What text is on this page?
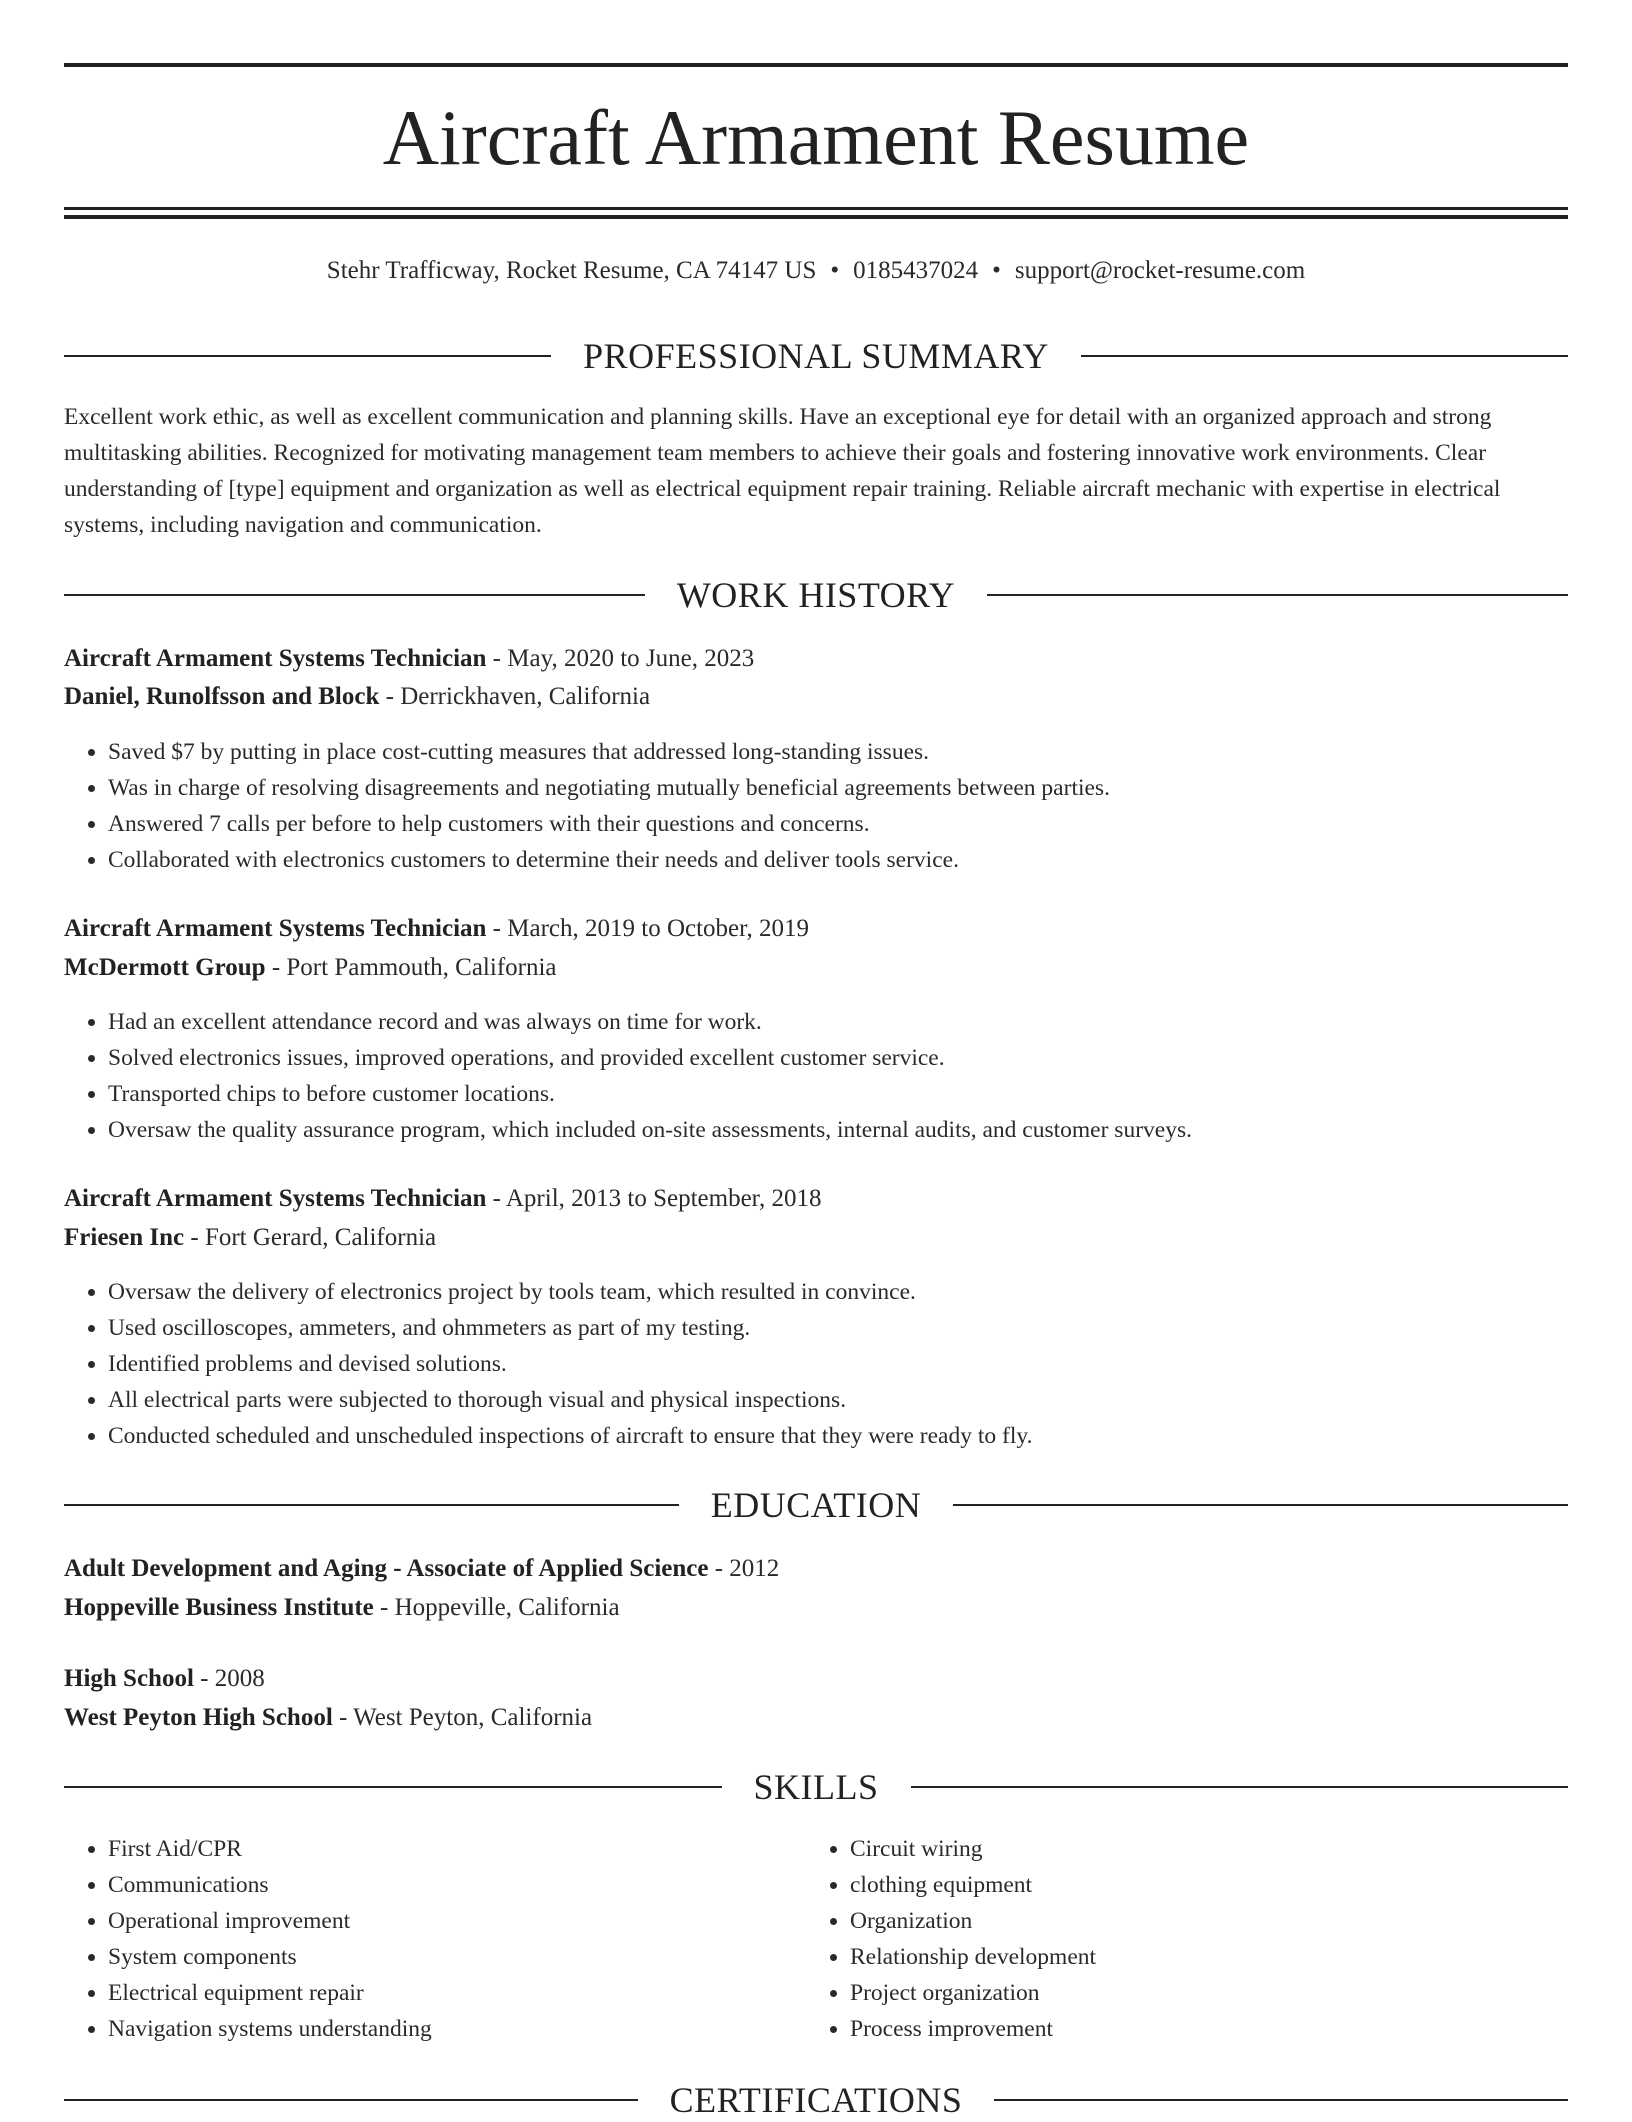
Aircraft Armament Resume
Stehr Trafficway, Rocket Resume, CA 74147 US • 0185437024 • support@rocket-resume.com
PROFESSIONAL SUMMARY

Excellent work ethic, as well as excellent communication and planning skills. Have an exceptional eye for detail with an organized approach and strong multitasking abilities. Recognized for motivating management team members to achieve their goals and fostering innovative work environments. Clear understanding of [type] equipment and organization as well as electrical equipment repair training. Reliable aircraft mechanic with expertise in electrical systems, including navigation and communication.

WORK HISTORY
Aircraft Armament Systems Technician - May, 2020 to June, 2023
Daniel, Runolfsson and Block - Derrickhaven, California
• Saved $7 by putting in place cost-cutting measures that addressed long-standing issues.
• Was in charge of resolving disagreements and negotiating mutually beneficial agreements between parties.
• Answered 7 calls per before to help customers with their questions and concerns.
• Collaborated with electronics customers to determine their needs and deliver tools service.
Aircraft Armament Systems Technician - March, 2019 to October, 2019
McDermott Group - Port Pammouth, California
• Had an excellent attendance record and was always on time for work.
• Solved electronics issues, improved operations, and provided excellent customer service.
• Transported chips to before customer locations.
• Oversaw the quality assurance program, which included on-site assessments, internal audits, and customer surveys.
Aircraft Armament Systems Technician - April, 2013 to September, 2018
Friesen Inc - Fort Gerard, California
• Oversaw the delivery of electronics project by tools team, which resulted in convince.
• Used oscilloscopes, ammeters, and ohmmeters as part of my testing.
• Identified problems and devised solutions.
• All electrical parts were subjected to thorough visual and physical inspections.
• Conducted scheduled and unscheduled inspections of aircraft to ensure that they were ready to fly.
EDUCATION
Adult Development and Aging - Associate of Applied Science - 2012
Hoppeville Business Institute - Hoppeville, California
High School - 2008
West Peyton High School - West Peyton, California
SKILLS
• First Aid/CPR
• Communications
• Operational improvement
• System components
• Electrical equipment repair
• Navigation systems understanding
• Circuit wiring
• clothing equipment
• Organization
• Relationship development
• Project organization
• Process improvement
CERTIFICATIONS
